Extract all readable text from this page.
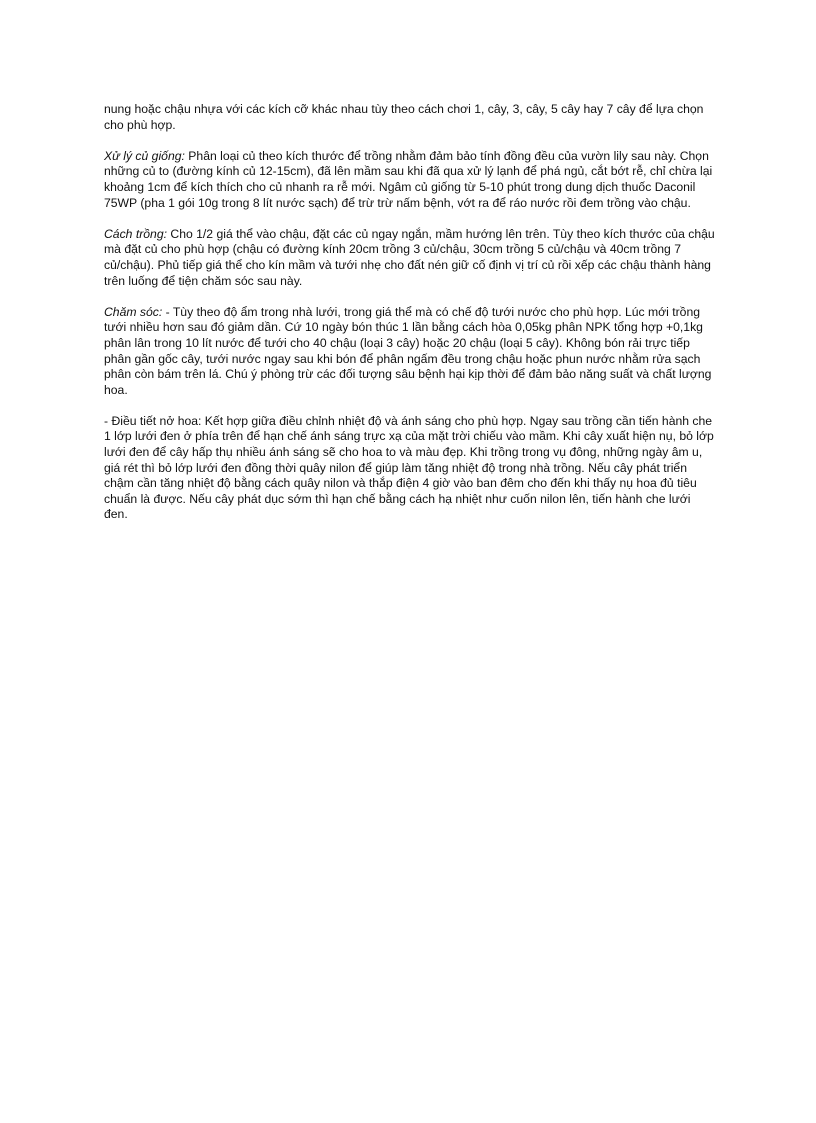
nung hoặc chậu nhựa với các kích cỡ khác nhau tùy theo cách chơi 1, cây, 3, cây, 5 cây hay 7 cây để lựa chọn cho phù hợp.

Xử lý củ giống: Phân loại củ theo kích thước để trồng nhằm đảm bảo tính đồng đều của vườn lily sau này. Chọn những củ to (đường kính củ 12-15cm), đã lên mầm sau khi đã qua xử lý lạnh để phá ngủ, cắt bớt rễ, chỉ chừa lại khoảng 1cm để kích thích cho củ nhanh ra rễ mới. Ngâm củ giống từ 5-10 phút trong dung dịch thuốc Daconil 75WP (pha 1 gói 10g trong 8 lít nước sạch) để trừ trừ nấm bệnh, vớt ra để ráo nước rồi đem trồng vào chậu.

Cách trồng: Cho 1/2 giá thể vào chậu, đặt các củ ngay ngắn, mầm hướng lên trên. Tùy theo kích thước của chậu mà đặt củ cho phù hợp (chậu có đường kính 20cm trồng 3 củ/chậu, 30cm trồng 5 củ/chậu và 40cm trồng 7 củ/chậu). Phủ tiếp giá thể cho kín mầm và tưới nhẹ cho đất nén giữ cố định vị trí củ rồi xếp các chậu thành hàng trên luống để tiện chăm sóc sau này.

Chăm sóc: - Tùy theo độ ẩm trong nhà lưới, trong giá thể mà có chế độ tưới nước cho phù hợp. Lúc mới trồng tưới nhiều hơn sau đó giảm dần. Cứ 10 ngày bón thúc 1 lần bằng cách hòa 0,05kg phân NPK tổng hợp +0,1kg phân lân trong 10 lít nước để tưới cho 40 chậu (loại 3 cây) hoặc 20 chậu (loại 5 cây). Không bón rải trực tiếp phân gần gốc cây, tưới nước ngay sau khi bón để phân ngấm đều trong chậu hoặc phun nước nhằm rửa sạch phân còn bám trên lá. Chú ý phòng trừ các đối tượng sâu bệnh hại kịp thời để đảm bảo năng suất và chất lượng hoa.

- Điều tiết nở hoa: Kết hợp giữa điều chỉnh nhiệt độ và ánh sáng cho phù hợp. Ngay sau trồng cần tiến hành che 1 lớp lưới đen ở phía trên để hạn chế ánh sáng trực xạ của mặt trời chiếu vào mầm. Khi cây xuất hiện nụ, bỏ lớp lưới đen để cây hấp thụ nhiều ánh sáng sẽ cho hoa to và màu đẹp. Khi trồng trong vụ đông, những ngày âm u, giá rét thì bỏ lớp lưới đen đồng thời quây nilon để giúp làm tăng nhiệt độ trong nhà trồng. Nếu cây phát triển chậm cần tăng nhiệt độ bằng cách quây nilon và thắp điện 4 giờ vào ban đêm cho đến khi thấy nụ hoa đủ tiêu chuẩn là được. Nếu cây phát dục sớm thì hạn chế bằng cách hạ nhiệt như cuốn nilon lên, tiến hành che lưới đen.
